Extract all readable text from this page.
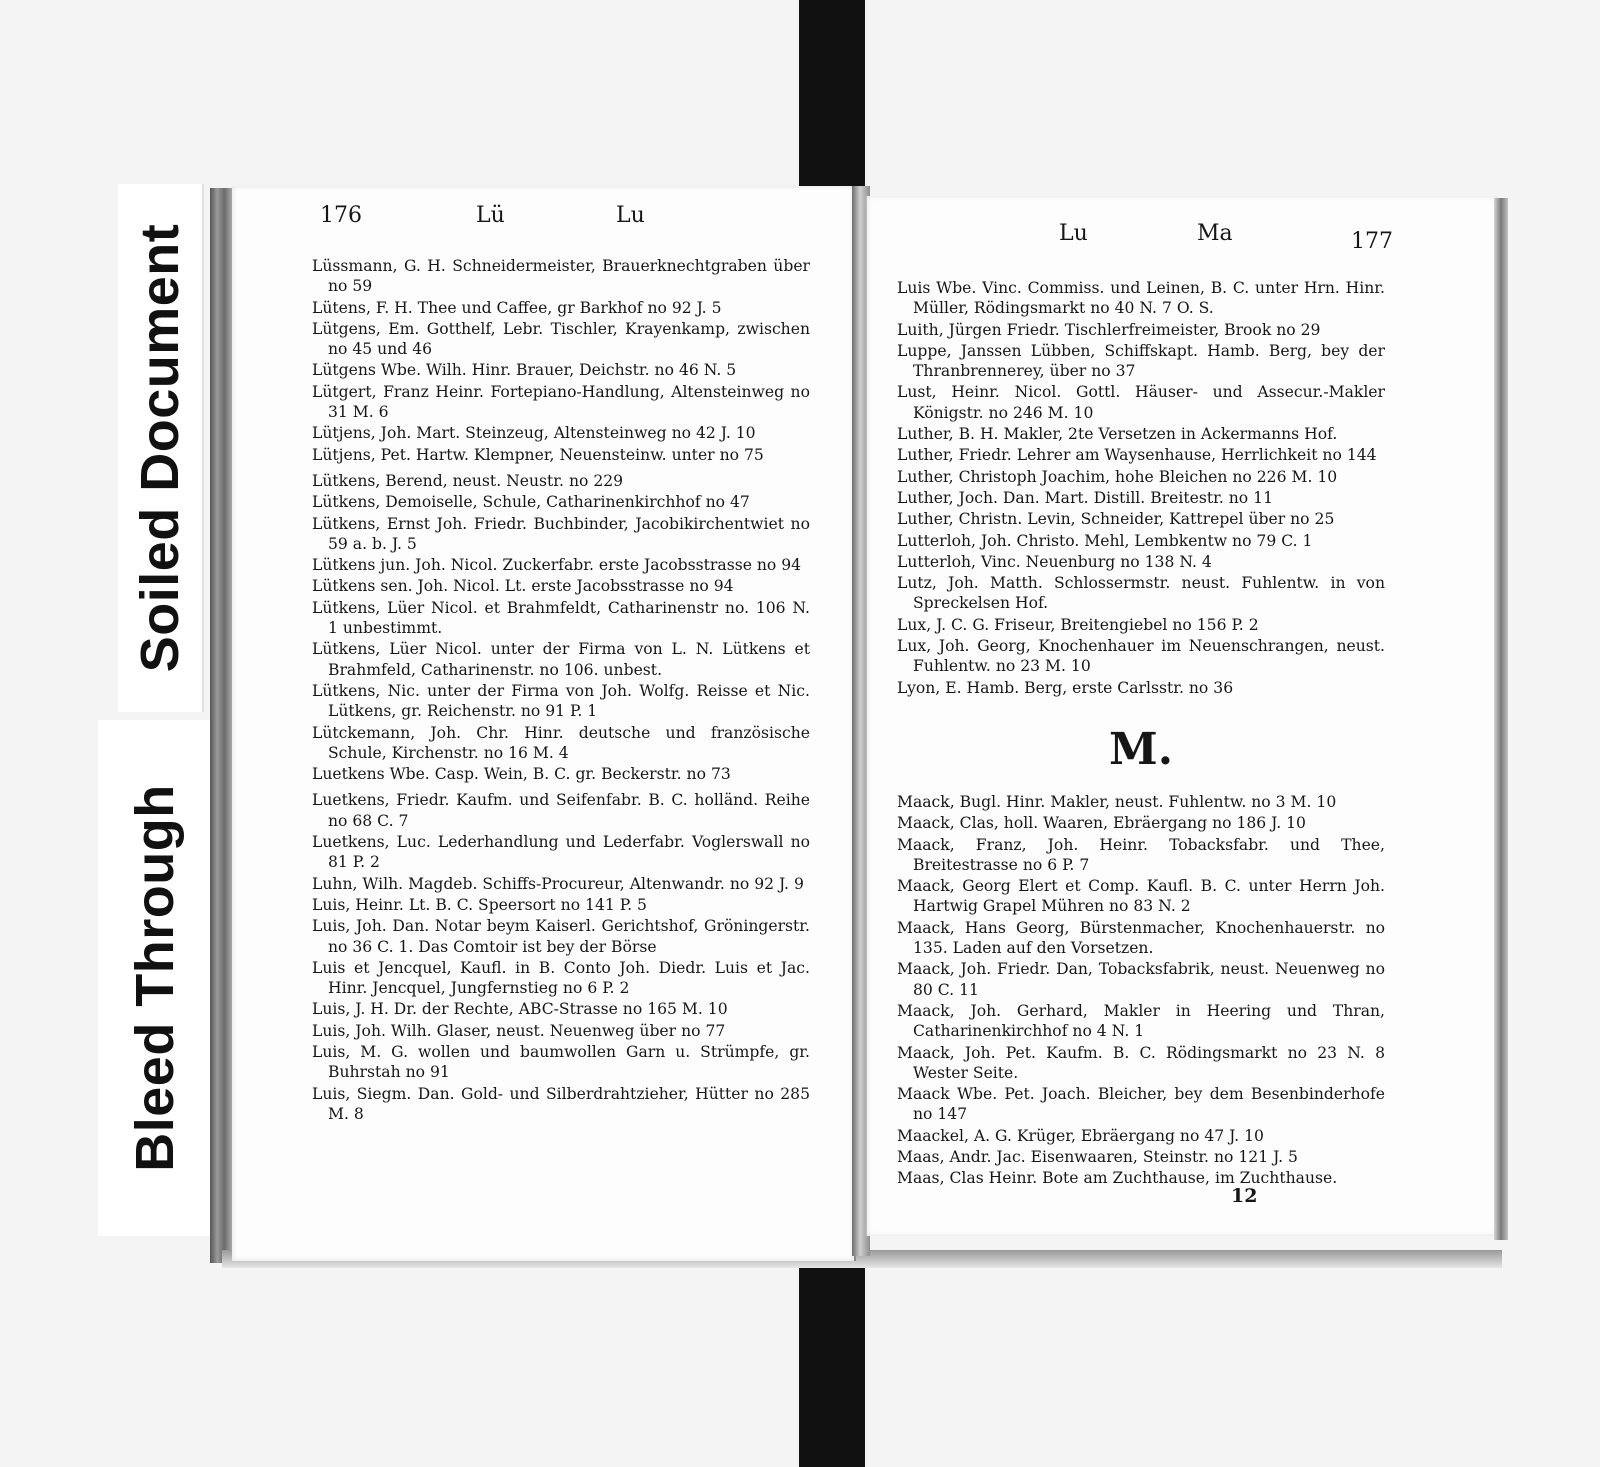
Soiled Document
Bleed Through
176	Lü	Lu

Lüssmann, G. H. Schneidermeister, Brauerknechtgraben über no 59

Lütens, F. H. Thee und Caffee, gr Barkhof no 92 J. 5

Lütgens, Em. Gotthelf, Lebr. Tischler, Krayenkamp, zwischen no 45 und 46

Lütgens Wbe. Wilh. Hinr. Brauer, Deichstr. no 46 N. 5

Lütgert, Franz Heinr. Fortepiano-Handlung, Altensteinweg no 31 M. 6

Lütjens, Joh. Mart. Steinzeug, Altensteinweg no 42 J. 10

Lütjens, Pet. Hartw. Klempner, Neuensteinw. unter no 75

Lütkens, Berend, neust. Neustr. no 229

Lütkens, Demoiselle, Schule, Catharinenkirchhof no 47

Lütkens, Ernst Joh. Friedr. Buchbinder, Jacobikirchentwiet no 59 a. b. J. 5

Lütkens jun. Joh. Nicol. Zuckerfabr. erste Jacobsstrasse no 94

Lütkens sen. Joh. Nicol. Lt. erste Jacobsstrasse no 94

Lütkens, Lüer Nicol. et Brahmfeldt, Catharinenstr no. 106 N. 1 unbestimmt.

Lütkens, Lüer Nicol. unter der Firma von L. N. Lütkens et Brahmfeld, Catharinenstr. no 106. unbest.

Lütkens, Nic. unter der Firma von Joh. Wolfg. Reisse et Nic. Lütkens, gr. Reichenstr. no 91 P. 1

Lütckemann, Joh. Chr. Hinr. deutsche und französische Schule, Kirchenstr. no 16 M. 4

Luetkens Wbe. Casp. Wein, B. C. gr. Beckerstr. no 73

Luetkens, Friedr. Kaufm. und Seifenfabr. B. C. holländ. Reihe no 68 C. 7

Luetkens, Luc. Lederhandlung und Lederfabr. Voglerswall no 81 P. 2

Luhn, Wilh. Magdeb. Schiffs-Procureur, Altenwandr. no 92 J. 9

Luis, Heinr. Lt. B. C. Speersort no 141 P. 5

Luis, Joh. Dan. Notar beym Kaiserl. Gerichtshof, Gröningerstr. no 36 C. 1. Das Comtoir ist bey der Börse

Luis et Jencquel, Kaufl. in B. Conto Joh. Diedr. Luis et Jac. Hinr. Jencquel, Jungfernstieg no 6 P. 2

Luis, J. H. Dr. der Rechte, ABC-Strasse no 165 M. 10

Luis, Joh. Wilh. Glaser, neust. Neuenweg über no 77

Luis, M. G. wollen und baumwollen Garn u. Strümpfe, gr. Buhrstah no 91

Luis, Siegm. Dan. Gold- und Silberdrahtzieher, Hütter no 285 M. 8

Lu	Ma	177

Luis Wbe. Vinc. Commiss. und Leinen, B. C. unter Hrn. Hinr. Müller, Rödingsmarkt no 40 N. 7 O. S.

Luith, Jürgen Friedr. Tischlerfreimeister, Brook no 29

Luppe, Janssen Lübben, Schiffskapt. Hamb. Berg, bey der Thranbrennerey, über no 37

Lust, Heinr. Nicol. Gottl. Häuser- und Assecur.-Makler Königstr. no 246 M. 10

Luther, B. H. Makler, 2te Versetzen in Ackermanns Hof.

Luther, Friedr. Lehrer am Waysenhause, Herrlichkeit no 144

Luther, Christoph Joachim, hohe Bleichen no 226 M. 10

Luther, Joch. Dan. Mart. Distill. Breitestr. no 11

Luther, Christn. Levin, Schneider, Kattrepel über no 25

Lutterloh, Joh. Christo. Mehl, Lembkentw no 79 C. 1

Lutterloh, Vinc. Neuenburg no 138 N. 4

Lutz, Joh. Matth. Schlossermstr. neust. Fuhlentw. in von Spreckelsen Hof.

Lux, J. C. G. Friseur, Breitengiebel no 156 P. 2

Lux, Joh. Georg, Knochenhauer im Neuenschrangen, neust. Fuhlentw. no 23 M. 10

Lyon, E. Hamb. Berg, erste Carlsstr. no 36

M.

Maack, Bugl. Hinr. Makler, neust. Fuhlentw. no 3 M. 10

Maack, Clas, holl. Waaren, Ebräergang no 186 J. 10

Maack, Franz, Joh. Heinr. Tobacksfabr. und Thee, Breitestrasse no 6 P. 7

Maack, Georg Elert et Comp. Kaufl. B. C. unter Herrn Joh. Hartwig Grapel Mühren no 83 N. 2

Maack, Hans Georg, Bürstenmacher, Knochenhauerstr. no 135. Laden auf den Vorsetzen.

Maack, Joh. Friedr. Dan, Tobacksfabrik, neust. Neuenweg no 80 C. 11

Maack, Joh. Gerhard, Makler in Heering und Thran, Catharinenkirchhof no 4 N. 1

Maack, Joh. Pet. Kaufm. B. C. Rödingsmarkt no 23 N. 8 Wester Seite.

Maack Wbe. Pet. Joach. Bleicher, bey dem Besenbinderhofe no 147

Maackel, A. G. Krüger, Ebräergang no 47 J. 10

Maas, Andr. Jac. Eisenwaaren, Steinstr. no 121 J. 5

Maas, Clas Heinr. Bote am Zuchthause, im Zuchthause.

12
